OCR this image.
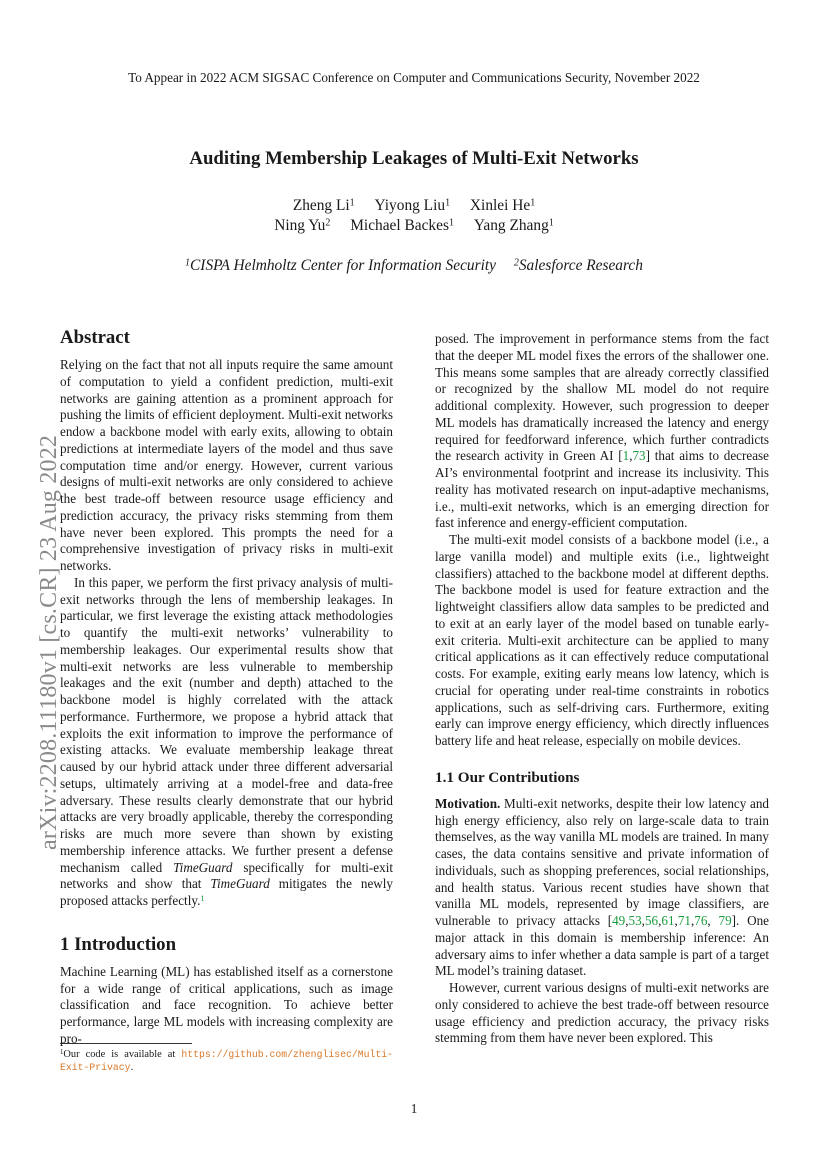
To Appear in 2022 ACM SIGSAC Conference on Computer and Communications Security, November 2022
Auditing Membership Leakages of Multi-Exit Networks
Zheng Li$^1$ Yiyong Liu$^1$ Xinlei He$^1$
Ning Yu$^2$ Michael Backes$^1$ Yang Zhang$^1$
$^1$CISPA Helmholtz Center for Information Security $^2$Salesforce Research
arXiv:2208.11180v1 [cs.CR] 23 Aug 2022
Abstract

Relying on the fact that not all inputs require the same amount of computation to yield a confident prediction, multi-exit networks are gaining attention as a prominent approach for pushing the limits of efficient deployment. Multi-exit networks endow a backbone model with early exits, allowing to obtain predictions at intermediate layers of the model and thus save computation time and/or energy. However, current various designs of multi-exit networks are only considered to achieve the best trade-off between resource usage efficiency and prediction accuracy, the privacy risks stemming from them have never been explored. This prompts the need for a comprehensive investigation of privacy risks in multi-exit networks.

In this paper, we perform the first privacy analysis of multi-exit networks through the lens of membership leakages. In particular, we first leverage the existing attack methodologies to quantify the multi-exit networks’ vulnerability to membership leakages. Our experimental results show that multi-exit networks are less vulnerable to membership leakages and the exit (number and depth) attached to the backbone model is highly correlated with the attack performance. Furthermore, we propose a hybrid attack that exploits the exit information to improve the performance of existing attacks. We evaluate membership leakage threat caused by our hybrid attack under three different adversarial setups, ultimately arriving at a model-free and data-free adversary. These results clearly demonstrate that our hybrid attacks are very broadly applicable, thereby the corresponding risks are much more severe than shown by existing membership inference attacks. We further present a defense mechanism called TimeGuard specifically for multi-exit networks and show that TimeGuard mitigates the newly proposed attacks perfectly.$^1$

1 Introduction

Machine Learning (ML) has established itself as a cornerstone for a wide range of critical applications, such as image classification and face recognition. To achieve better performance, large ML models with increasing complexity are pro-

posed. The improvement in performance stems from the fact that the deeper ML model fixes the errors of the shallower one. This means some samples that are already correctly classified or recognized by the shallow ML model do not require additional complexity. However, such progression to deeper ML models has dramatically increased the latency and energy required for feedforward inference, which further contradicts the research activity in Green AI [1,73] that aims to decrease AI’s environmental footprint and increase its inclusivity. This reality has motivated research on input-adaptive mechanisms, i.e., multi-exit networks, which is an emerging direction for fast inference and energy-efficient computation.

The multi-exit model consists of a backbone model (i.e., a large vanilla model) and multiple exits (i.e., lightweight classifiers) attached to the backbone model at different depths. The backbone model is used for feature extraction and the lightweight classifiers allow data samples to be predicted and to exit at an early layer of the model based on tunable early-exit criteria. Multi-exit architecture can be applied to many critical applications as it can effectively reduce computational costs. For example, exiting early means low latency, which is crucial for operating under real-time constraints in robotics applications, such as self-driving cars. Furthermore, exiting early can improve energy efficiency, which directly influences battery life and heat release, especially on mobile devices.

1.1 Our Contributions

Motivation. Multi-exit networks, despite their low latency and high energy efficiency, also rely on large-scale data to train themselves, as the way vanilla ML models are trained. In many cases, the data contains sensitive and private information of individuals, such as shopping preferences, social relationships, and health status. Various recent studies have shown that vanilla ML models, represented by image classifiers, are vulnerable to privacy attacks [49,53,56,61,71,76, 79]. One major attack in this domain is membership inference: An adversary aims to infer whether a data sample is part of a target ML model’s training dataset.

However, current various designs of multi-exit networks are only considered to achieve the best trade-off between resource usage efficiency and prediction accuracy, the privacy risks stemming from them have never been explored. This

$^1$Our code is available at https://github.com/zhenglisec/Multi-Exit-Privacy.
1
